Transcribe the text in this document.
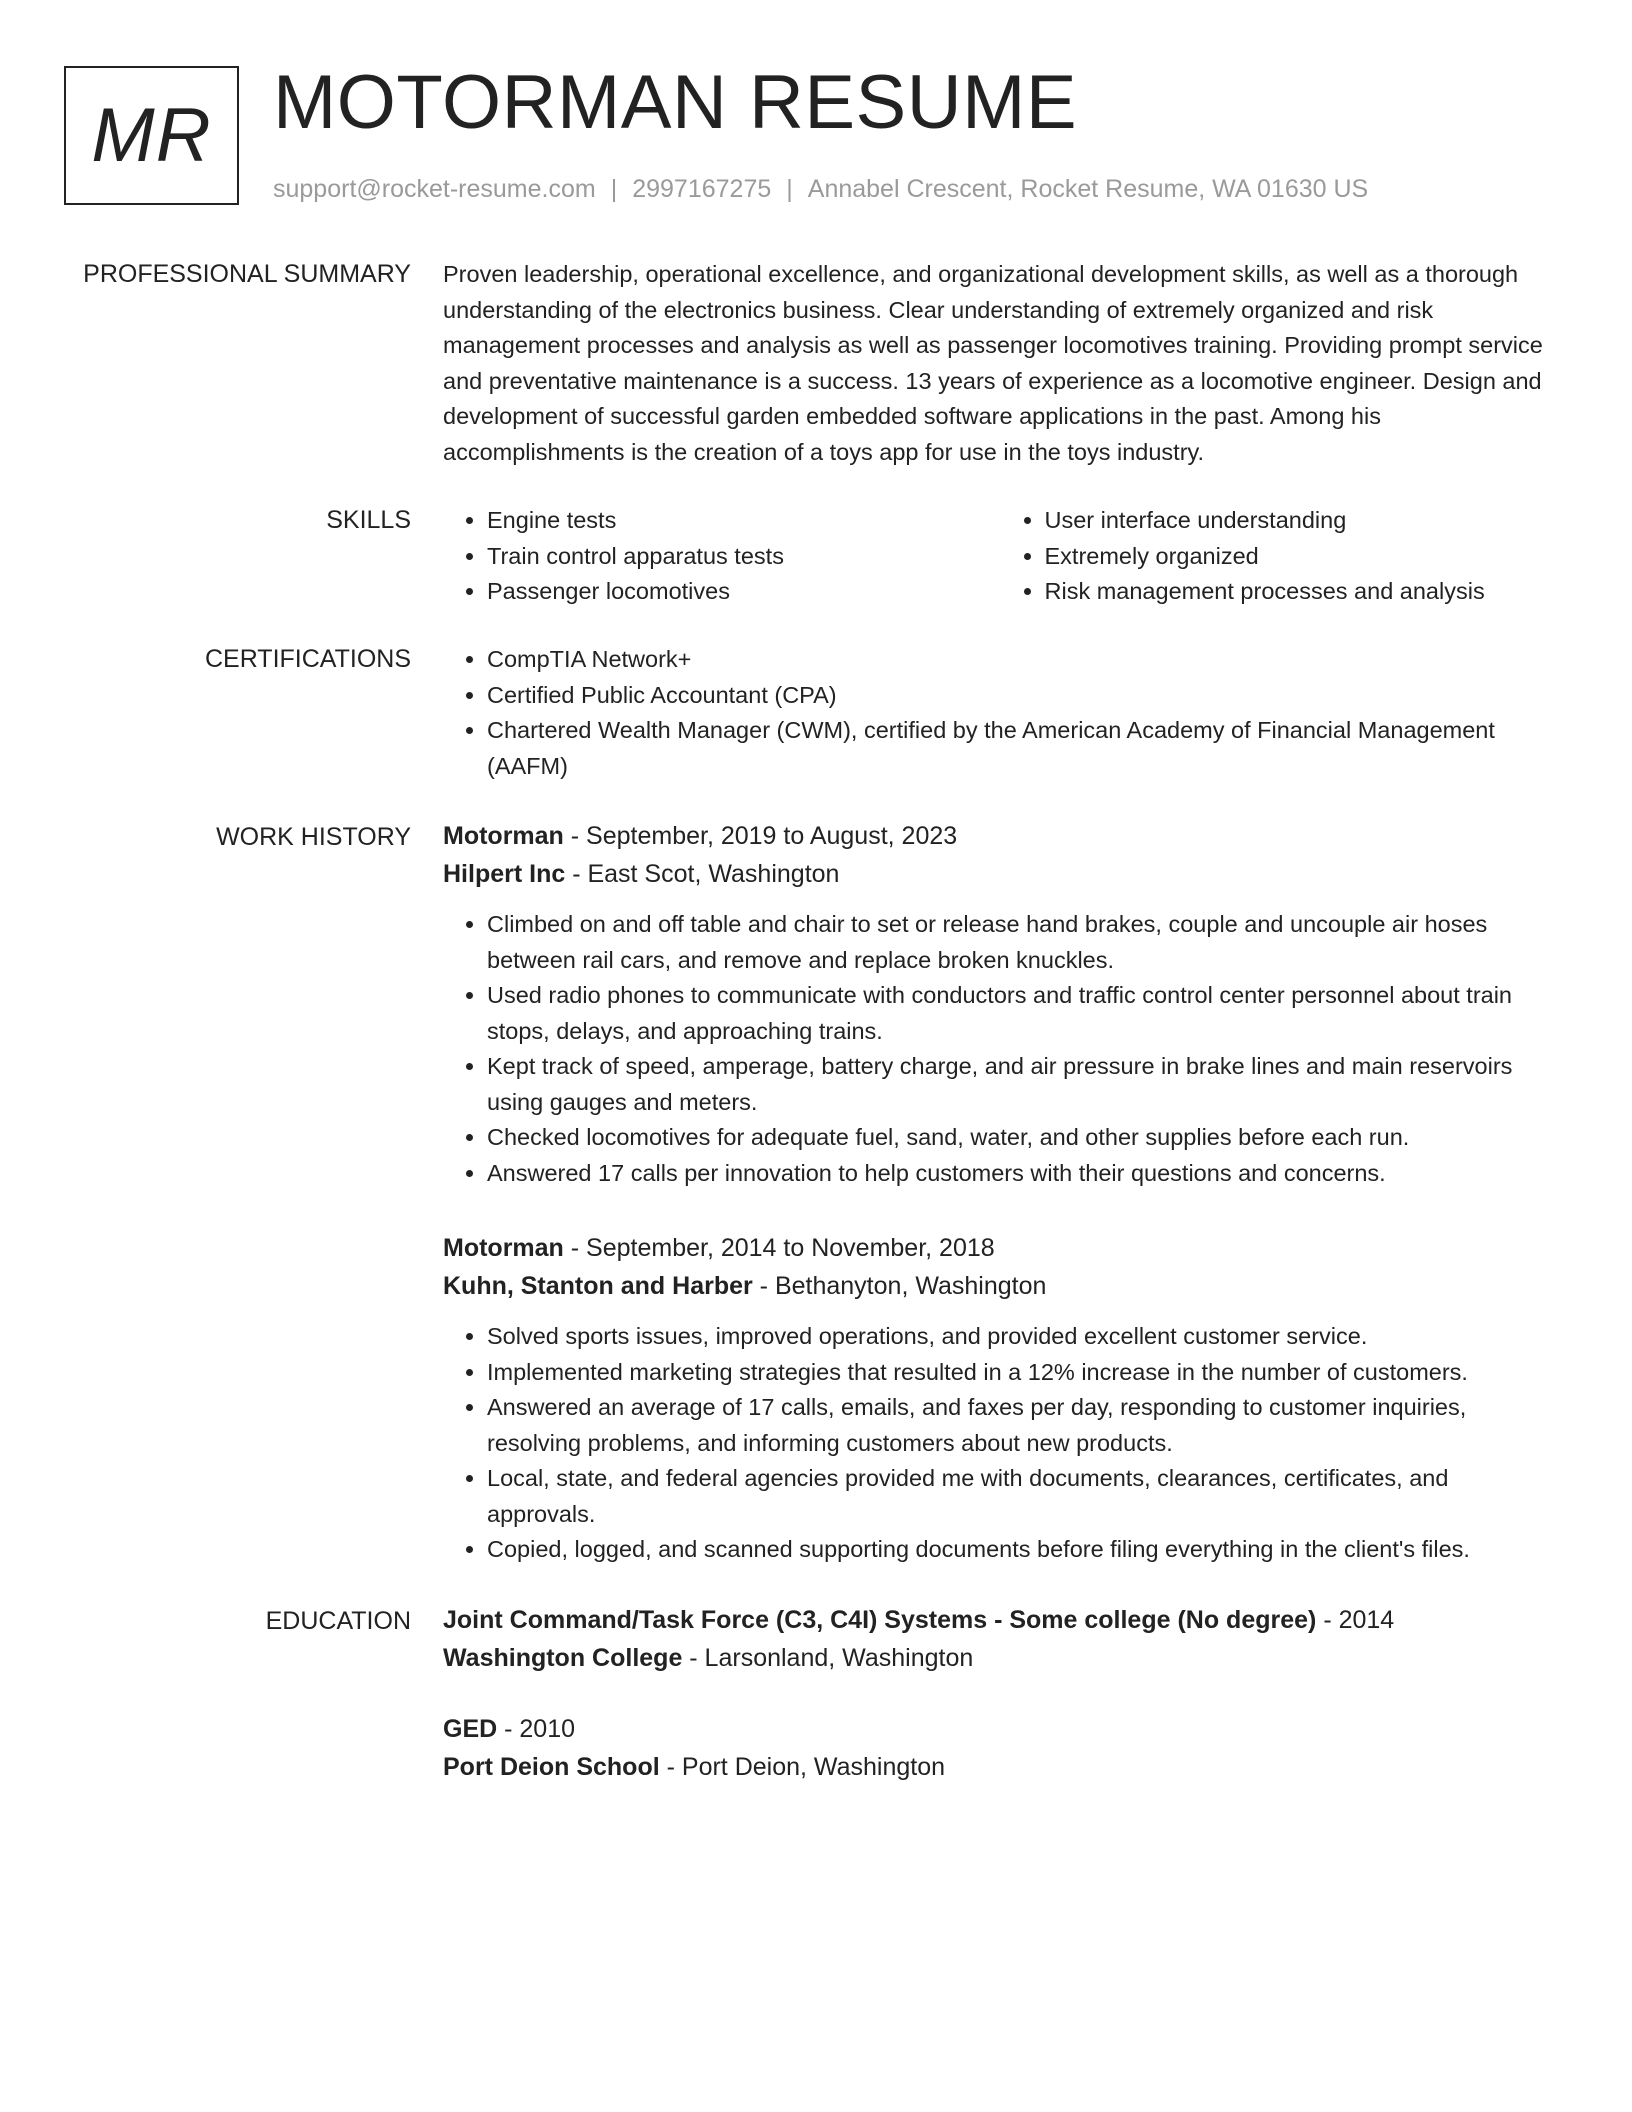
MR MOTORMAN RESUME
support@rocket-resume.com | 2997167275 | Annabel Crescent, Rocket Resume, WA 01630 US
PROFESSIONAL SUMMARY Proven leadership, operational excellence, and organizational development skills, as well as a thorough understanding of the electronics business. Clear understanding of extremely organized and risk management processes and analysis as well as passenger locomotives training. Providing prompt service and preventative maintenance is a success. 13 years of experience as a locomotive engineer. Design and development of successful garden embedded software applications in the past. Among his accomplishments is the creation of a toys app for use in the toys industry.

SKILLS	• Engine tests
• Train control apparatus tests
• Passenger locomotives
• User interface understanding
• Extremely organized
• Risk management processes and analysis
CERTIFICATIONS	• CompTIA Network+
• Certified Public Accountant (CPA)
• Chartered Wealth Manager (CWM), certified by the American Academy of Financial Management (AAFM)
WORK HISTORY Motorman - September, 2019 to August, 2023
Hilpert Inc - East Scot, Washington
• Climbed on and off table and chair to set or release hand brakes, couple and uncouple air hoses between rail cars, and remove and replace broken knuckles.
• Used radio phones to communicate with conductors and traffic control center personnel about train stops, delays, and approaching trains.
• Kept track of speed, amperage, battery charge, and air pressure in brake lines and main reservoirs using gauges and meters.
• Checked locomotives for adequate fuel, sand, water, and other supplies before each run.
• Answered 17 calls per innovation to help customers with their questions and concerns.
Motorman - September, 2014 to November, 2018
Kuhn, Stanton and Harber - Bethanyton, Washington
• Solved sports issues, improved operations, and provided excellent customer service.
• Implemented marketing strategies that resulted in a 12% increase in the number of customers.
• Answered an average of 17 calls, emails, and faxes per day, responding to customer inquiries, resolving problems, and informing customers about new products.
• Local, state, and federal agencies provided me with documents, clearances, certificates, and approvals.
• Copied, logged, and scanned supporting documents before filing everything in the client's files.
EDUCATION Joint Command/Task Force (C3, C4I) Systems - Some college (No degree) - 2014
Washington College - Larsonland, Washington
GED - 2010
Port Deion School - Port Deion, Washington
